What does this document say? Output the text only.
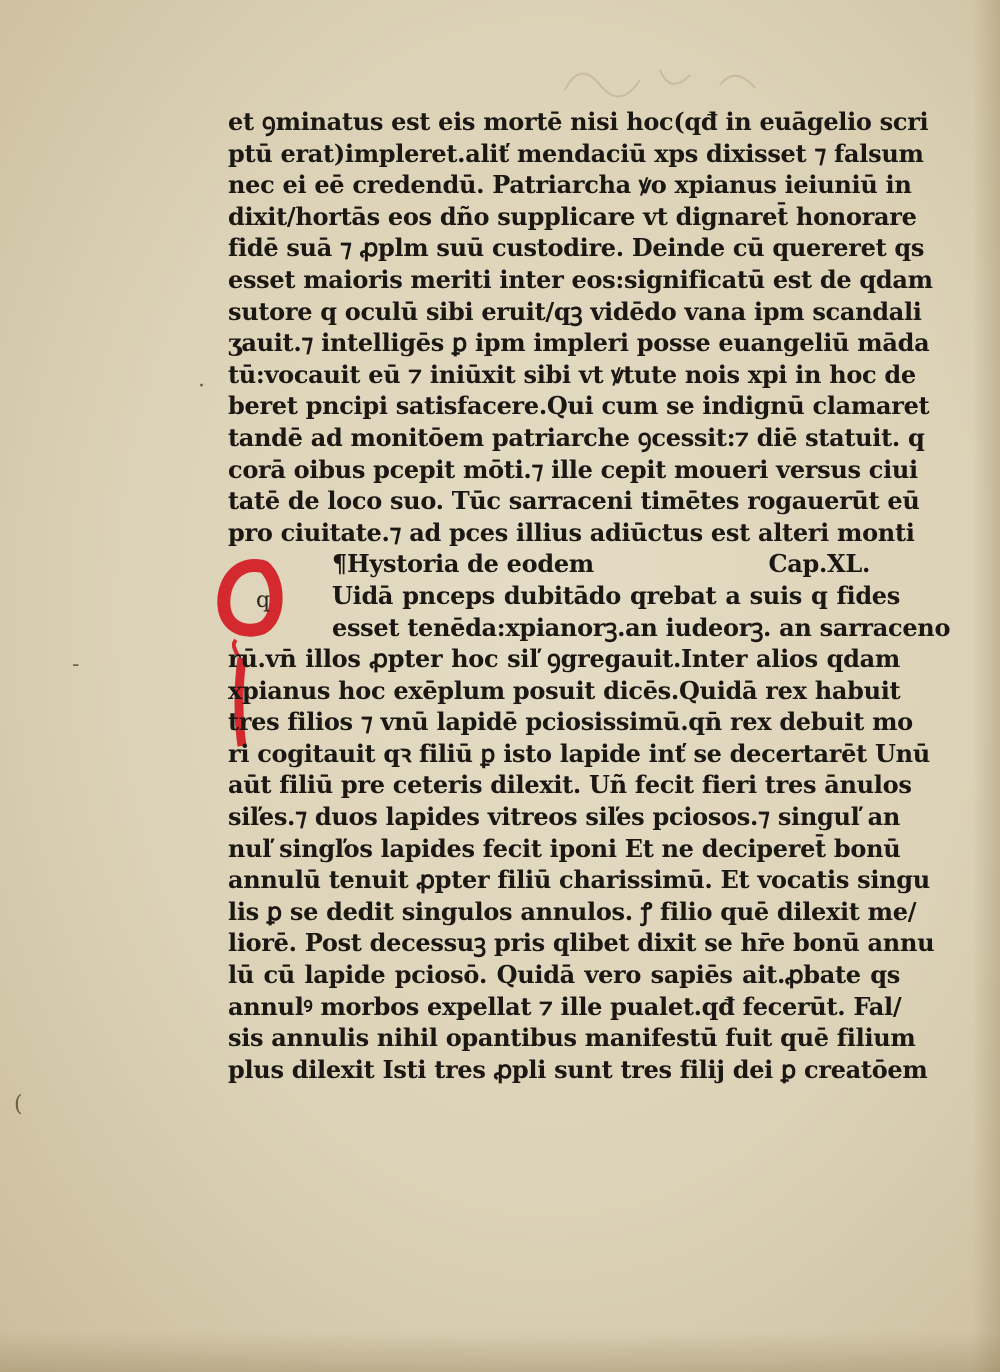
·
-
(
q
et ꝯminatus est eis mortē nisi hoc(qđ in euāgelio scri
ptū erat)impleret.aliť mendaciū xps dixisset ⁊ falsum
nec ei eē credendū. Patriarcha ꝟo xpianus ieiuniū in
dixit/hortās eos dño supplicare vt dignaret̄ honorare
fidē suā ⁊ ꝓplm suū custodire. Deinde cū quereret qs
esset maioris meriti inter eos:significatū est de qdam
sutore q oculū sibi eruit/qꝫ vidēdo vana ipm scandali
ʒauit.⁊ intelligēs ꝑ ipm impleri posse euangeliū māda
tū:vocauit eū ⁊ iniūxit sibi vt ꝟtute nois xpi in hoc de
beret pncipi satisfacere.Qui cum se indignū clamaret
tandē ad monitōem patriarche ꝯcessit:⁊ diē statuit. q
corā oibus pcepit mōti.⁊ ille cepit moueri versus ciui
tatē de loco suo. Tūc sarraceni timētes rogauerūt eū
pro ciuitate.⁊ ad pces illius adiūctus est alteri monti
¶Hystoria de eodem	Cap.XL.
Uidā pnceps dubitādo qrebat a suis q fides
esset tenēda:xpianorꝫ.an iudeorꝫ. an sarraceno
rū.vn̄ illos ꝓpter hoc siľ ꝯgregauit.Inter alios qdam
xpianus hoc exēplum posuit dicēs.Quidā rex habuit
tres filios ⁊ vnū lapidē pciosissimū.qn̄ rex debuit mo
ri cogitauit qꝛ filiū ꝑ isto lapide inť se decertarēt Unū
aūt filiū pre ceteris dilexit. Uñ fecit fieri tres ānulos
siľes.⁊ duos lapides vitreos siľes pciosos.⁊ singuľ an
nuľ singľos lapides fecit iponi Et ne deciperet̄ bonū
annulū tenuit ꝓpter filiū charissimū. Et vocatis singu
lis ꝑ se dedit singulos annulos. ꝭ filio quē dilexit me/
liorē. Post decessuꝫ pris qlibet dixit se hr̄e bonū annu
lū cū lapide pciosō. Quidā vero sapiēs ait.ꝓbate qs
annulꝰ morbos expellat ⁊ ille pualet.qđ fecerūt. Fal/
sis annulis nihil opantibus manifestū fuit quē filium
plus dilexit Isti tres ꝓpli sunt tres filij dei ꝑ creatōem
